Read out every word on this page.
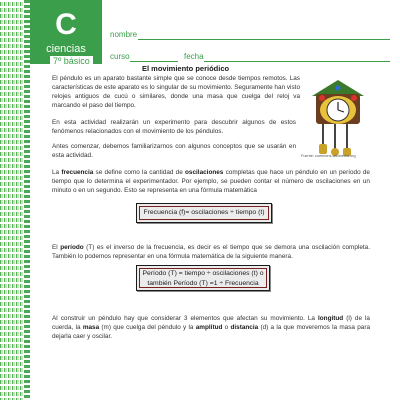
C
ciencias
7º básico
nombre
curso	fecha
El movimiento periódico
El péndulo es un aparato bastante simple que se conoce desde tiempos remotos. Las características de este aparato es lo singular de su movimiento. Seguramente han visto relojes antiguos de cucú o similares, donde una masa que cuelga del reloj va marcando el paso del tiempo.
En esta actividad realizarán un experimento para descubrir algunos de estos fenómenos relacionados con el movimiento de los péndulos.
Antes comenzar, debemos familiarizarnos con algunos conceptos que se usarán en esta actividad.	Fuente: commons.wikimedia.org
La frecuencia se define como la cantidad de oscilaciones completas que hace un péndulo en un período de tiempo que lo determina el experimentador. Por ejemplo, se pueden contar el número de oscilaciones en un minuto o en un segundo. Esto se representa en una fórmula matemática
Frecuencia (f)= oscilaciones ÷ tiempo (t)
El período (T) es el inverso de la frecuencia, es decir es el tiempo que se demora una oscilación completa. También lo podemos representar en una fórmula matemática de la siguiente manera.
Período (T) = tiempo ÷ oscilaciones (t) o
también Período (T) =1 ÷ Frecuencia
Al construir un péndulo hay que considerar 3 elementos que afectan su movimiento. La longitud (l) de la cuerda, la masa (m) que cuelga del péndulo y la amplitud o distancia (d) a la que moveremos la masa para dejarla caer y oscilar.
